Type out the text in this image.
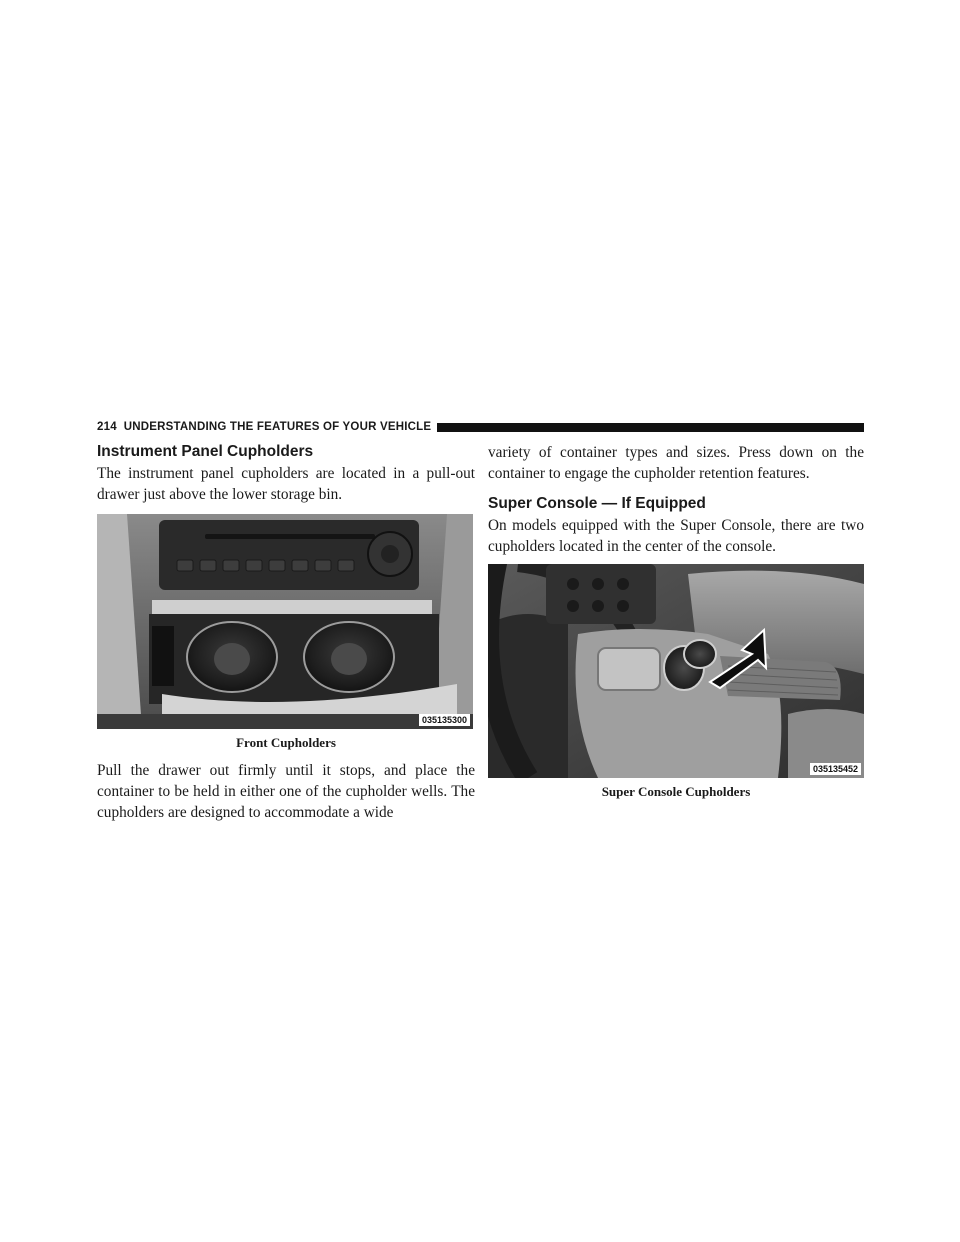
214 UNDERSTANDING THE FEATURES OF YOUR VEHICLE
Instrument Panel Cupholders

The instrument panel cupholders are located in a pull-out drawer just above the lower storage bin.

035135300
Front Cupholders

Pull the drawer out firmly until it stops, and place the container to be held in either one of the cupholder wells. The cupholders are designed to accommodate a wide

variety of container types and sizes. Press down on the container to engage the cupholder retention features.

Super Console — If Equipped

On models equipped with the Super Console, there are two cupholders located in the center of the console.

035135452
Super Console Cupholders
